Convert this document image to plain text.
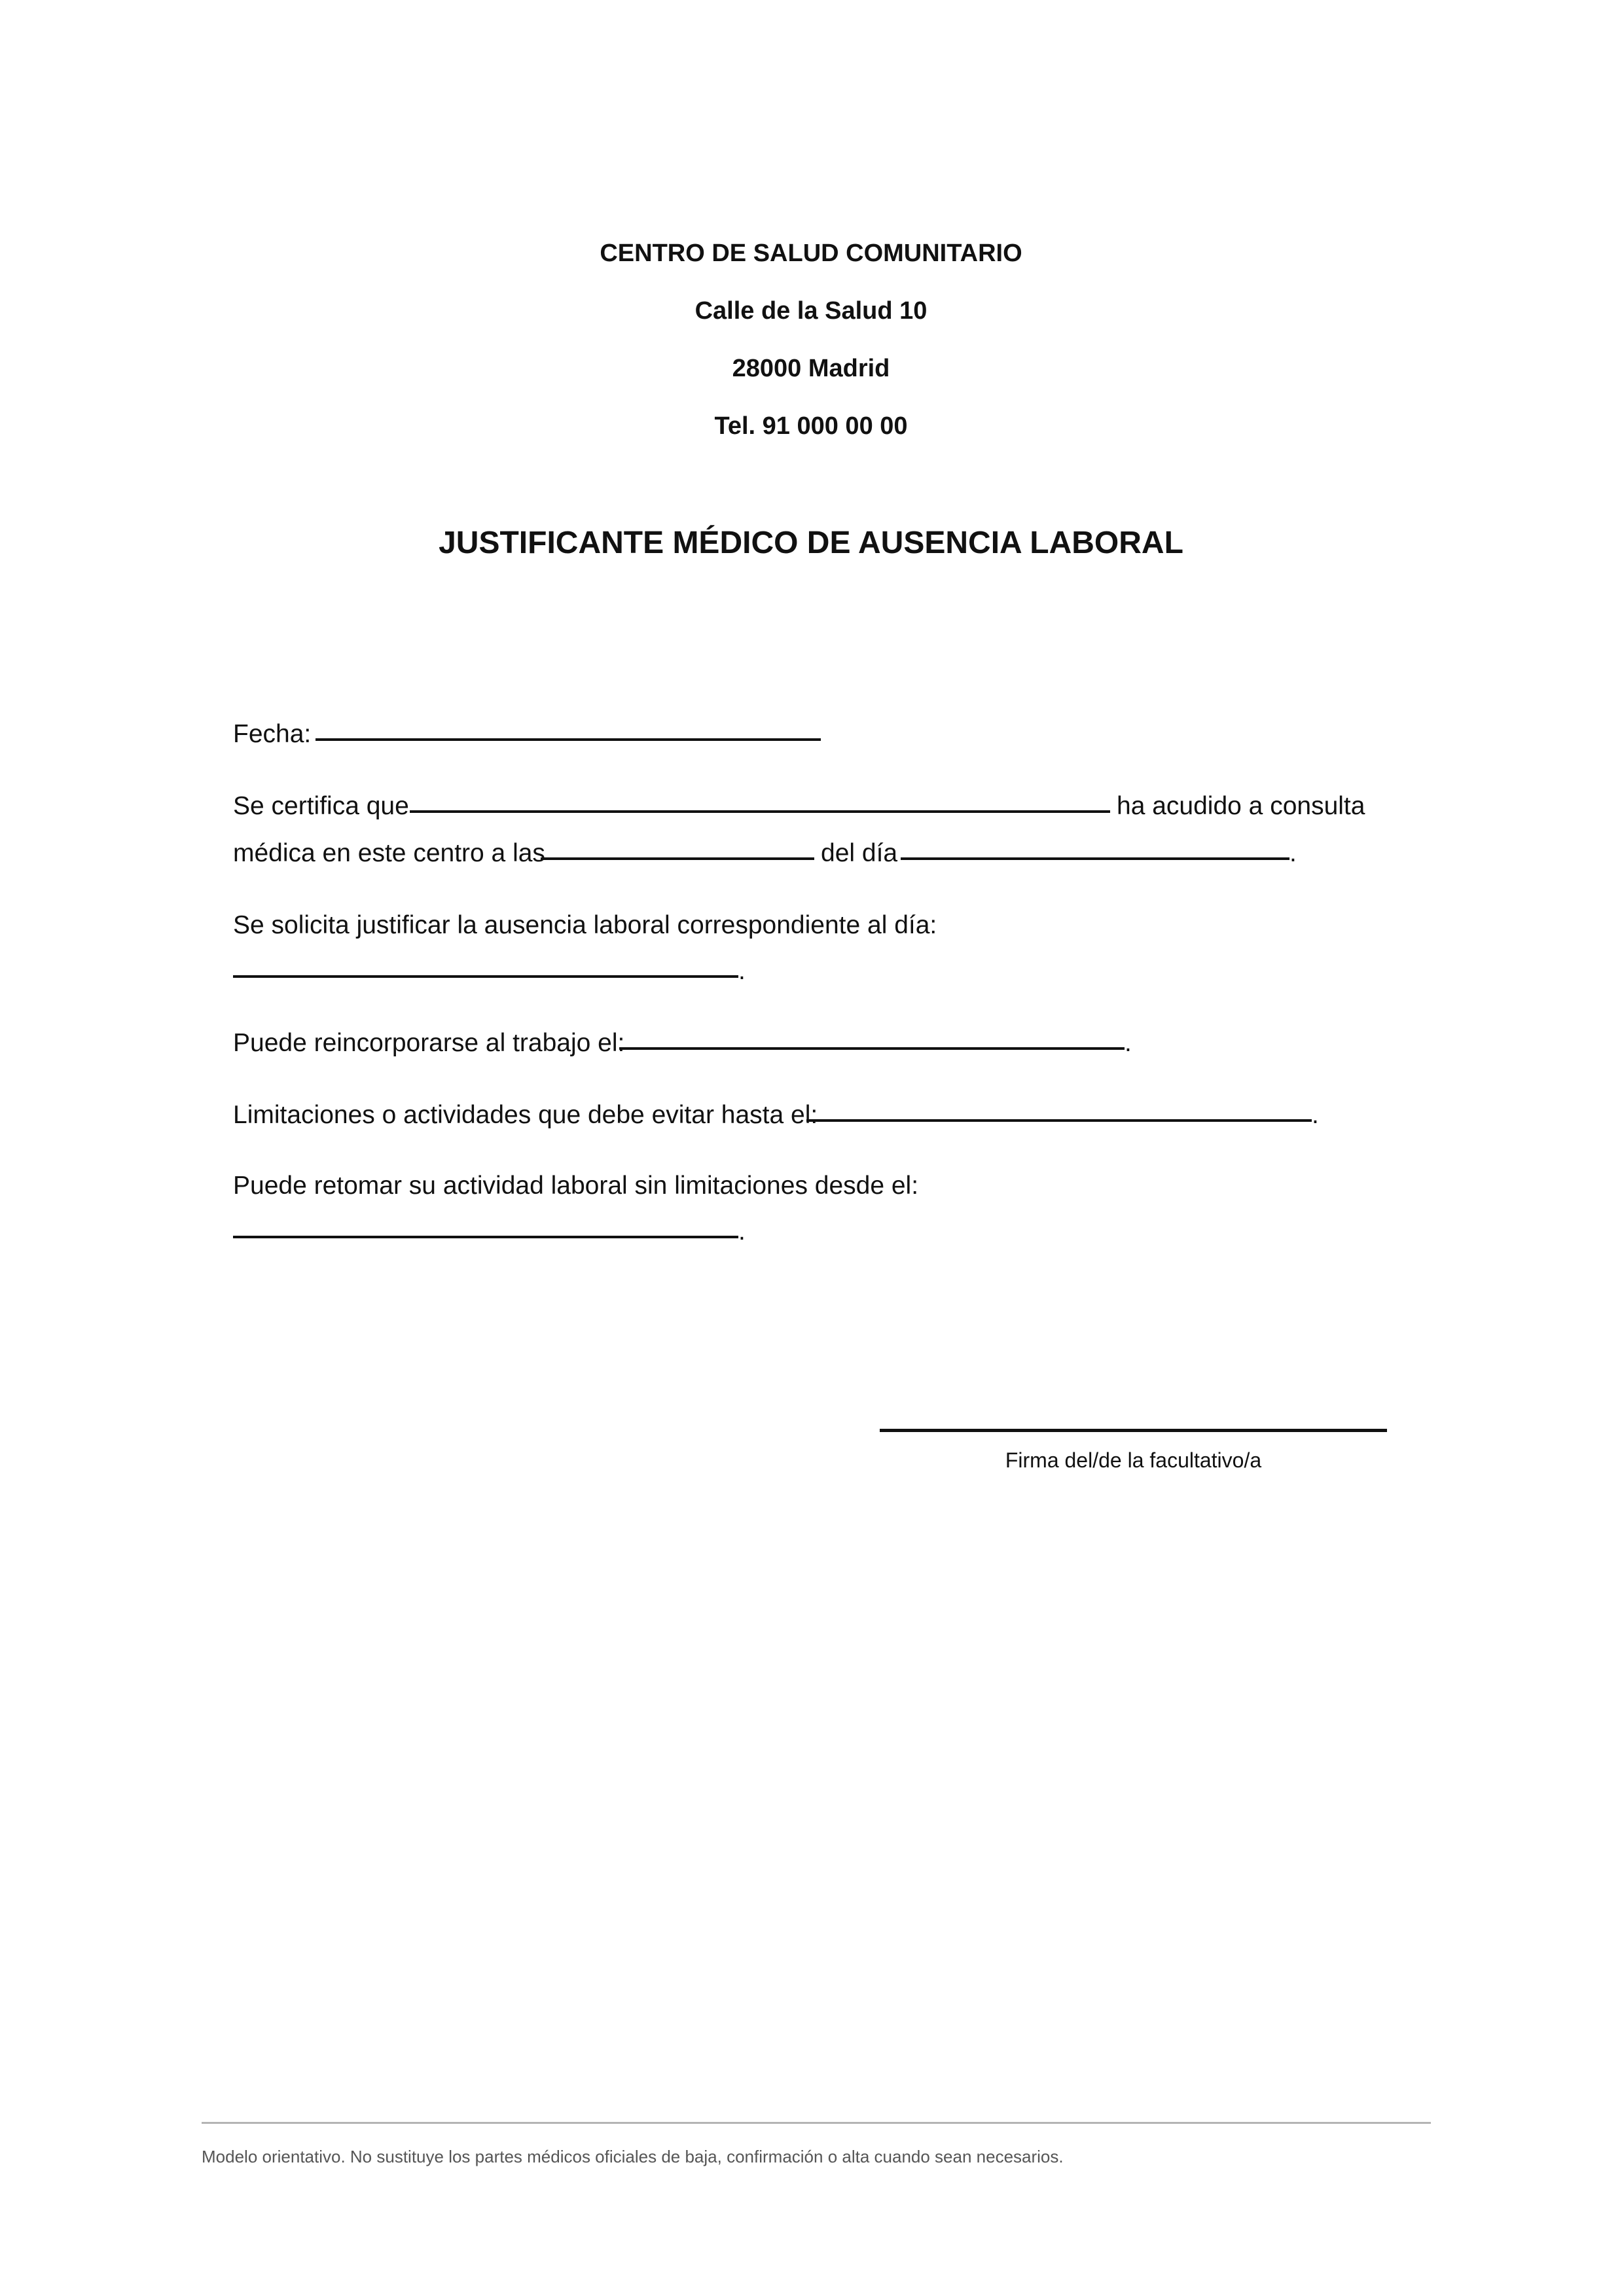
CENTRO DE SALUD COMUNITARIO
Calle de la Salud 10
28000 Madrid
Tel. 91 000 00 00
JUSTIFICANTE MÉDICO DE AUSENCIA LABORAL
Fecha:
Se certifica que	ha acudido a consulta
médica en este centro a las	del día	.
Se solicita justificar la ausencia laboral correspondiente al día:
.
Puede reincorporarse al trabajo el:	.
Limitaciones o actividades que debe evitar hasta el:	.
Puede retomar su actividad laboral sin limitaciones desde el:
.
Firma del/de la facultativo/a
Modelo orientativo. No sustituye los partes médicos oficiales de baja, confirmación o alta cuando sean necesarios.
